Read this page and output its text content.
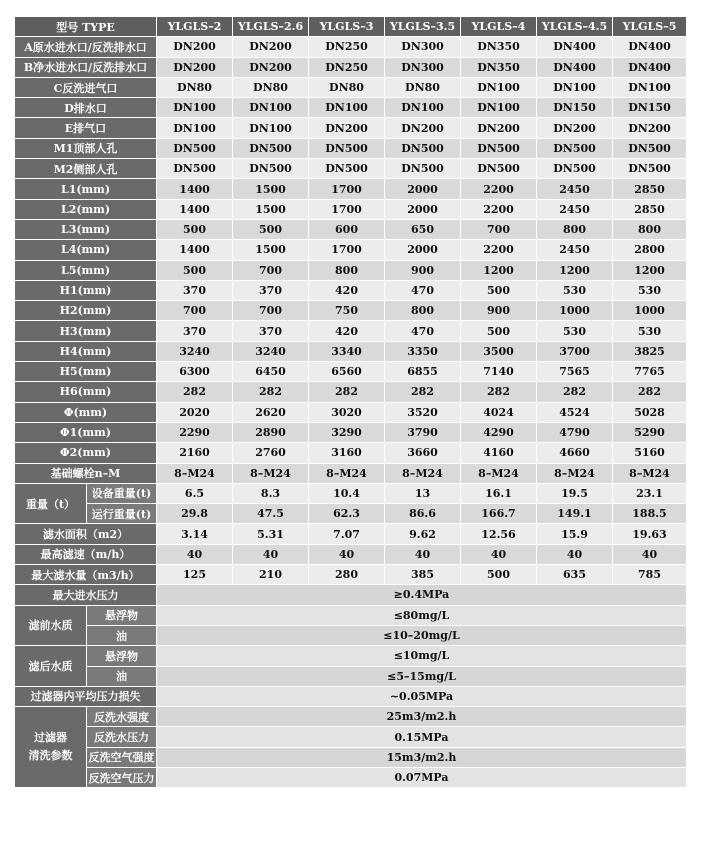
型号 TYPE		YLGLS–2	YLGLS–2.6	YLGLS–3	YLGLS–3.5	YLGLS–4	YLGLS–4.5	YLGLS–5
A原水进水口/反洗排水口		DN200	DN200	DN250	DN300	DN350	DN400	DN400
B净水进水口/反洗排水口		DN200	DN200	DN250	DN300	DN350	DN400	DN400
C反洗进气口		DN80	DN80	DN80	DN80	DN100	DN100	DN100
D排水口		DN100	DN100	DN100	DN100	DN100	DN150	DN150
E排气口		DN100	DN100	DN200	DN200	DN200	DN200	DN200
M1顶部人孔		DN500	DN500	DN500	DN500	DN500	DN500	DN500
M2侧部人孔		DN500	DN500	DN500	DN500	DN500	DN500	DN500
L1(mm)		1400	1500	1700	2000	2200	2450	2850
L2(mm)		1400	1500	1700	2000	2200	2450	2850
L3(mm)		500	500	600	650	700	800	800
L4(mm)		1400	1500	1700	2000	2200	2450	2800
L5(mm)		500	700	800	900	1200	1200	1200
H1(mm)		370	370	420	470	500	530	530
H2(mm)		700	700	750	800	900	1000	1000
H3(mm)		370	370	420	470	500	530	530
H4(mm)		3240	3240	3340	3350	3500	3700	3825
H5(mm)		6300	6450	6560	6855	7140	7565	7765
H6(mm)		282	282	282	282	282	282	282
Φ(mm)		2020	2620	3020	3520	4024	4524	5028
Φ1(mm)		2290	2890	3290	3790	4290	4790	5290
Φ2(mm)		2160	2760	3160	3660	4160	4660	5160
基础螺栓n–M		8–M24	8–M24	8–M24	8–M24	8–M24	8–M24	8–M24
重量（t）	设备重量(t)	6.5	8.3	10.4	13	16.1	19.5	23.1
	运行重量(t)	29.8	47.5	62.3	86.6	166.7	149.1	188.5
滤水面积（m2）		3.14	5.31	7.07	9.62	12.56	15.9	19.63
最高滤速（m/h）		40	40	40	40	40	40	40
最大滤水量（m3/h）		125	210	280	385	500	635	785
最大进水压力		≥0.4MPa						
滤前水质	悬浮物	≤80mg/L						
	油	≤10–20mg/L						
滤后水质	悬浮物	≤10mg/L						
	油	≤5–15mg/L						
过滤器内平均压力损失		~0.05MPa						

过滤器
清洗参数	反洗水强度	25m3/m2.h						
	反洗水压力	0.15MPa						
	反洗空气强度	15m3/m2.h						
	反洗空气压力	0.07MPa						
